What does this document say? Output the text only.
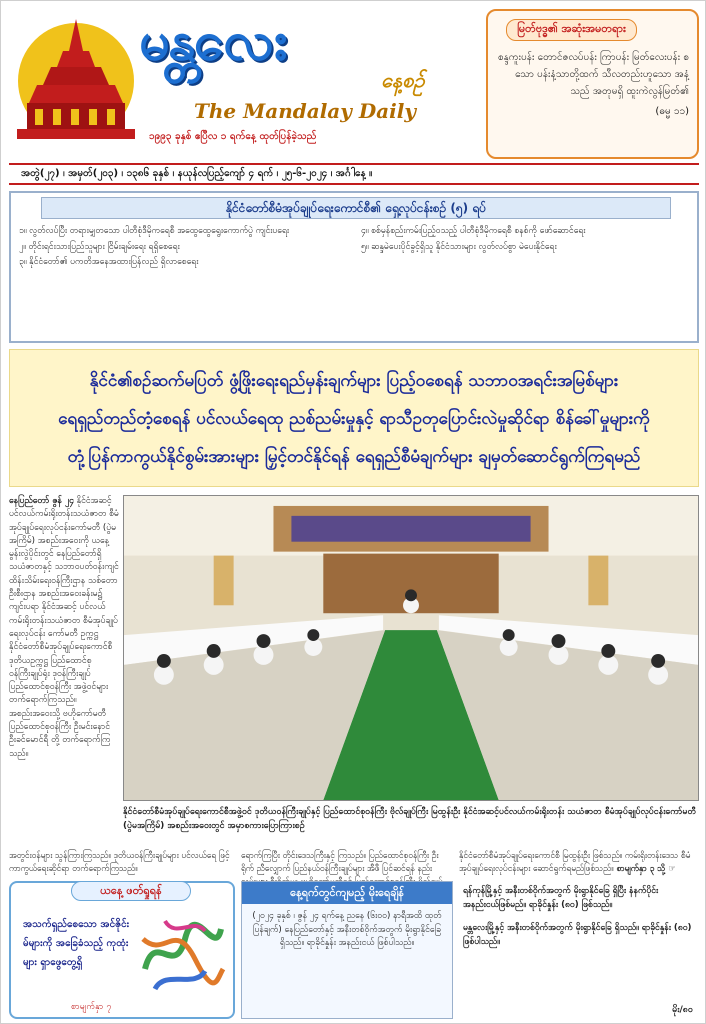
မန္တလေး
နေ့စဉ်
The Mandalay Daily
၁၉၉၃ ခုနှစ် ဧပြီလ ၁ ရက်နေ့ ထုတ်ပြန်ခဲ့သည်
မြတ်ဗုဒ္ဓ၏ အဆုံးအမတရား
စန္ဒကူးပန်း တောင်ဇလပ်ပန်း ကြာပန်း မြတ်လေးပန်း စသော ပန်းနံ့သာတို့ထက် သီလတည်းဟူသော အနံ့သည် အတုမရှိ ထူးကဲလွန်မြတ်၏
(ဓမ္မ ၁၁)
အတွဲ(၂၇) ၊ အမှတ်(၂၀၃) ၊ ၁၃၈၆ ခုနှစ် ၊ နယုန်လပြည့်ကျော် ၄ ရက် ၊ ၂၅-၆-၂၀၂၄ ၊ အင်္ဂါနေ့ ။
နိုင်ငံတော်စီမံအုပ်ချုပ်ရေးကောင်စီ၏ ရှေ့လုပ်ငန်းစဉ် (၅) ရပ်

၁။ လွတ်လပ်ပြီး တရားမျှတသော ပါတီစုံဒီမိုကရေစီ အထွေထွေရွေးကောက်ပွဲ ကျင်းပရေး

၂။ တိုင်းရင်းသားပြည်သူများ ငြိမ်းချမ်းရေး ရရှိစေရေး

၃။ နိုင်ငံတော်၏ ပကတိအနေအထားပြန်လည် ရှိလာစေရေး

၄။ စစ်မှန်စည်းကမ်းပြည့်ဝသည့် ပါတီစုံဒီမိုကရေစီ စနစ်ကို ဖော်ဆောင်ရေး

၅။ ဆန္ဒမဲပေးပိုင်ခွင့်ရှိသူ နိုင်ငံသားများ လွတ်လပ်စွာ မဲပေးနိုင်ရေး

နိုင်ငံ၏စဉ်ဆက်မပြတ် ဖွံ့ဖြိုးရေးရည်မှန်းချက်များ ပြည့်ဝစေရန် သဘာဝအရင်းအမြစ်များ
ရေရှည်တည်တံ့စေရန် ပင်လယ်ရေထု ညစ်ညမ်းမှုနှင့် ရာသီဥတုပြောင်းလဲမှုဆိုင်ရာ စိန်ခေါ်မှုများကို
တုံ့ပြန်ကာကွယ်နိုင်စွမ်းအားများ မြှင့်တင်နိုင်ရန် ရေရှည်စီမံချက်များ ချမှတ်ဆောင်ရွက်ကြရမည်
နေပြည်တော် ဇွန် ၂၄ နိုင်ငံအဆင့် ပင်လယ်ကမ်းရိုးတန်းသယံဇာတ စီမံအုပ်ချုပ်ရေးလုပ်ငန်းကော်မတီ (ပွဲမအကြိမ်) အစည်းအဝေးကို ယနေ့ မွန်းလွဲပိုင်းတွင် နေပြည်တော်ရှိ သယံဇာတနှင့် သဘာဝပတ်ဝန်းကျင်ထိန်းသိမ်းရေးဝန်ကြီးဌာန သစ်တောဦးစီးဌာန အစည်းအဝေးခန်းမ၌ ကျင်းပရာ နိုင်ငံအဆင့် ပင်လယ်ကမ်းရိုးတန်းသယံဇာတ စီမံအုပ်ချုပ်ရေးလုပ်ငန်း ကော်မတီ ဥက္ကဋ္ဌ နိုင်ငံတော်စီမံအုပ်ချုပ်ရေးကောင်စီ ဒုတိယဥက္ကဋ္ဌ ပြည်ထောင်စုဝန်ကြီးချုပ်ရုံး ဒုဝန်ကြီးချုပ် ပြည်ထောင်စုဝန်ကြီး အဖွဲ့ဝင်များ တက်ရောက်ကြသည်။ အစည်းအဝေးသို့ ဗဟိုကော်မတီ ပြည်ထောင်စုဝန်ကြီး ဦးမင်းနောင် ဦးခင်မောင်ရီ တို့ တက်ရောက်ကြသည်။
နိုင်ငံတော်စီမံအုပ်ချုပ်ရေးကောင်စီအဖွဲ့ဝင် ဒုတိယဝန်ကြီးချုပ်နှင့် ပြည်ထောင်စုဝန်ကြီး ဗိုလ်ချုပ်ကြီး မြထွန်းဦး နိုင်ငံအဆင့်ပင်လယ်ကမ်းရိုးတန်း သယံဇာတ စီမံအုပ်ချုပ်လုပ်ငန်းကော်မတီ (ပွဲမအကြိမ်) အစည်းအဝေးတွင် အမှာစကားပြောကြားစဉ်
အတွင်းဝန်များ သွန်ကြားကြသည်။ ဒုတိယဝန်ကြီးချုပ်များ ပင်လယ်ရေ ဖြင့် ကာကွယ်ရေးဆိုင်ရာ တက်ရောက်ကြသည်။
ရောက်ကြပြီး တိုင်းဒေသကြီးနှင့် ကြသည်။ ပြည်ထောင်စုဝန်ကြီး ဦးရိုက် ညီလျှောက် ပြည်နယ်ဝန်ကြီးချုပ်များ အီဖီ ပြင်ဆင်ရန် နည်း
နိုင်ငံတော်စီမံအုပ်ချုပ်ရေးကောင်စီ မြထွန်းဦး ဖြစ်သည်။ ကမ်းရိုးတန်းဒေသ စီမံအုပ်ချုပ်ရေးလုပ်ငန်းများ ဆောင်ရွက်ရမည်ဖြစ်သည်။ စာမျက်နှာ ၃ သို့ ☞
ယနေ့ ဖတ်ရှုရန်
အသက်ရှည်စေသော အင်ဇိုင်းမ်များကို အခြေခံသည့် ကုထုံးများ ရှာဖွေတွေ့ရှိ
စာမျက်နှာ ၇
နေ့ရက်တွင်ကျမည့် မိုးရေချိန်
(၂၀၂၄ ခုနှစ် ၊ ဇွန် ၂၄ ရက်နေ့ ညနေ (၆း၀၀) နာရီအထိ ထုတ်ပြန်ချက်) နေပြည်တော်နှင့် အနီးတစ်ဝိုက်အတွက် မိုးရွာနိုင်ခြေ ရှိသည်။ ရာခိုင်နှုန်း အနည်းငယ် ဖြစ်ပါသည်။
ရန်ကုန်မြို့နှင့် အနီးတစ်ဝိုက်အတွက် မိုးရွာနိုင်ခြေ ရှိပြီး နံနက်ပိုင်း အနည်းငယ်ဖြစ်မည်။ ရာခိုင်နှုန်း (၈၀) ဖြစ်သည်။
မန္တလေးမြို့နှင့် အနီးတစ်ဝိုက်အတွက် မိုးရွာနိုင်ခြေ ရှိသည်။ ရာခိုင်နှုန်း (၈၀) ဖြစ်ပါသည်။
မိုး/၈၀
